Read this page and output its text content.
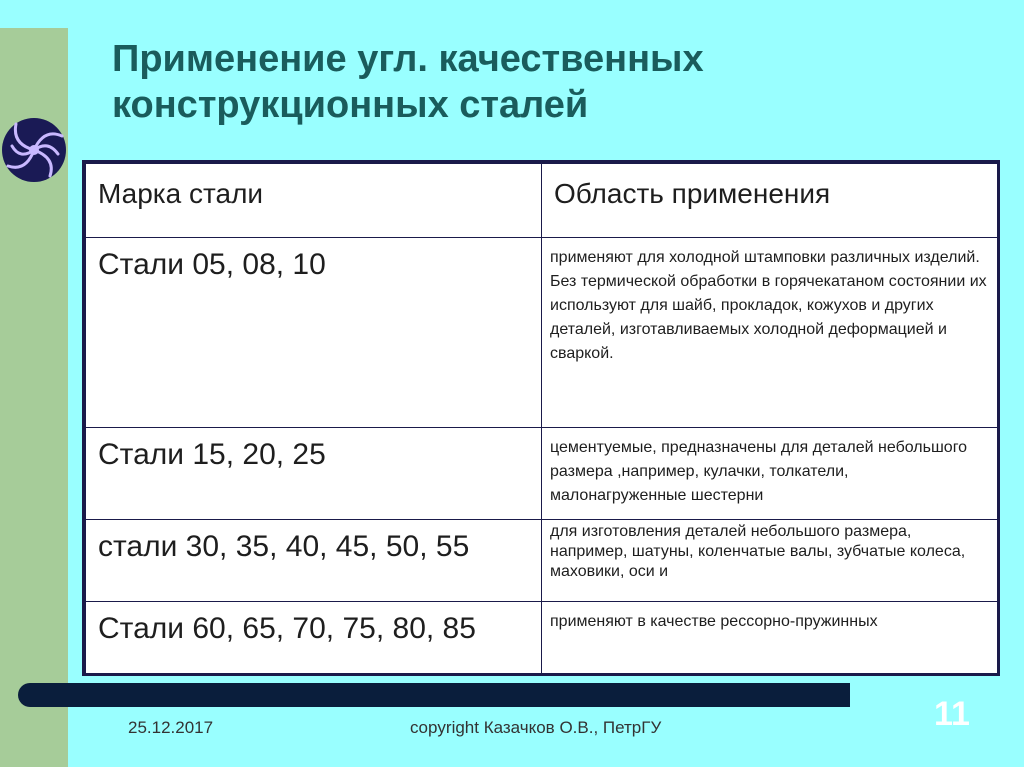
Применение угл. качественных конструкционных сталей
Марка стали	Область применения
Стали 05, 08, 10	применяют для холодной штамповки различных изделий. Без термической обработки в горячекатаном состоянии их используют для шайб, прокладок, кожухов и других деталей, изготавливаемых холодной деформацией и сваркой.
Стали 15, 20, 25	цементуемые, предназначены для деталей небольшого размера ,например, кулачки, толкатели, малонагруженные шестерни
стали 30, 35, 40, 45, 50, 55	для изготовления деталей небольшого размера, например, шатуны, коленчатые валы, зубчатые колеса, маховики, оси и
Стали 60, 65, 70, 75, 80, 85	применяют в качестве рессорно-пружинных
11
25.12.2017	copyright Казачков О.В., ПетрГУ
